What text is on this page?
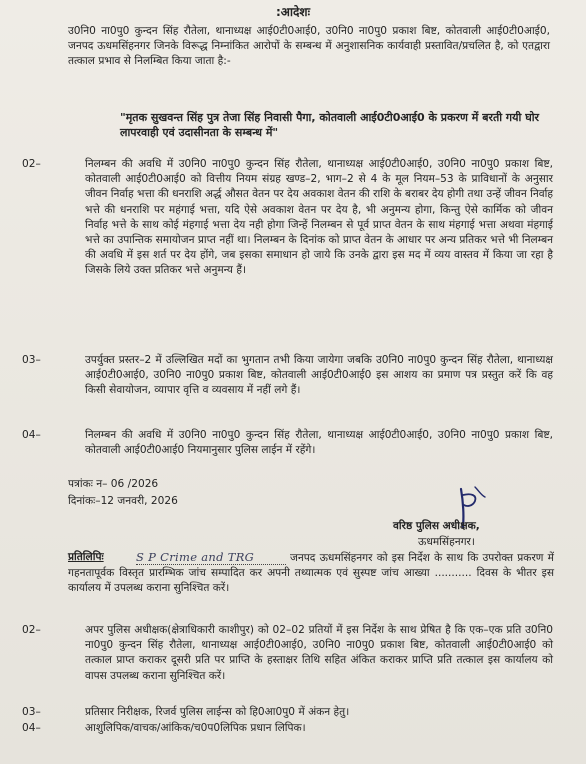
:आदेशः
उ0नि0 ना0पु0 कुन्दन सिंह रौतेला, थानाध्यक्ष आई0टी0आई0, उ0नि0 ना0पु0 प्रकाश बिष्ट, कोतवाली आई0टी0आई0, जनपद ऊधमसिंहनगर जिनके विरूद्ध निम्नांकित आरोपों के सम्बन्ध में अनुशासनिक कार्यवाही प्रस्तावित/प्रचलित है, को एतद्वारा तत्काल प्रभाव से निलम्बित किया जाता है:-
"मृतक सुखवन्त सिंह पुत्र तेजा सिंह निवासी पैगा, कोतवाली आई0टी0आई0 के प्रकरण में बरती गयी घोर लापरवाही एवं उदासीनता के सम्बन्ध में"
02–	निलम्बन की अवधि में उ0नि0 ना0पु0 कुन्दन सिंह रौतेला, थानाध्यक्ष आई0टी0आई0, उ0नि0 ना0पु0 प्रकाश बिष्ट, कोतवाली आई0टी0आई0 को वित्तीय नियम संग्रह खण्ड–2, भाग–2 से 4 के मूल नियम–53 के प्राविधानों के अनुसार जीवन निर्वाह भत्ता की धनराशि अर्द्ध औसत वेतन पर देय अवकाश वेतन की राशि के बराबर देय होगी तथा उन्हें जीवन निर्वाह भत्ते की धनराशि पर महंगाई भत्ता, यदि ऐसे अवकाश वेतन पर देय है, भी अनुमन्य होगा, किन्तु ऐसे कार्मिक को जीवन निर्वाह भत्ते के साथ कोई मंहगाई भत्ता देय नही होगा जिन्हें निलम्बन से पूर्व प्राप्त वेतन के साथ मंहगाई भत्ता अथवा मंहगाई भत्ते का उपान्तिक समायोजन प्राप्त नहीं था। निलम्बन के दिनांक को प्राप्त वेतन के आधार पर अन्य प्रतिकर भत्ते भी निलम्बन की अवधि में इस शर्त पर देय होंगे, जब इसका समाधान हो जाये कि उनके द्वारा इस मद में व्यय वास्तव में किया जा रहा है जिसके लिये उक्त प्रतिकर भत्ते अनुमन्य हैं।
03–	उपर्युक्त प्रस्तर–2 में उल्लिखित मदों का भुगतान तभी किया जायेगा जबकि उ0नि0 ना0पु0 कुन्दन सिंह रौतेला, थानाध्यक्ष आई0टी0आई0, उ0नि0 ना0पु0 प्रकाश बिष्ट, कोतवाली आई0टी0आई0 इस आशय का प्रमाण पत्र प्रस्तुत करें कि वह किसी सेवायोजन, व्यापार वृत्ति व व्यवसाय में नहीं लगे हैं।
04–	निलम्बन की अवधि में उ0नि0 ना0पु0 कुन्दन सिंह रौतेला, थानाध्यक्ष आई0टी0आई0, उ0नि0 ना0पु0 प्रकाश बिष्ट, कोतवाली आई0टी0आई0 नियमानुसार पुलिस लाईन में रहेंगे।
पत्रांकः न– 06 /2026
दिनांकः–12 जनवरी, 2026
वरिष्ठ पुलिस अधीक्षक,
ऊधमसिंहनगर।
प्रतिलिपिः	S P Crime and TRG	जनपद ऊधमसिंहनगर को इस निर्देश के साथ कि उपरोक्त प्रकरण में गहनतापूर्वक विस्तृत प्रारम्भिक जांच सम्पादित कर अपनी तथ्यात्मक एवं सुस्पष्ट जांच आख्या ........... दिवस के भीतर इस कार्यालय में उपलब्ध कराना सुनिश्चित करें।
02–	अपर पुलिस अधीक्षक(क्षेत्राधिकारी काशीपुर) को 02–02 प्रतियों में इस निर्देश के साथ प्रेषित है कि एक–एक प्रति उ0नि0 ना0पु0 कुन्दन सिंह रौतेला, थानाध्यक्ष आई0टी0आई0, उ0नि0 ना0पु0 प्रकाश बिष्ट, कोतवाली आई0टी0आई0 को तत्काल प्राप्त कराकर दूसरी प्रति पर प्राप्ति के हस्ताक्षर तिथि सहित अंकित कराकर प्राप्ति प्रति तत्काल इस कार्यालय को वापस उपलब्ध कराना सुनिश्चित करें।
03–	प्रतिसार निरीक्षक, रिजर्व पुलिस लाईन्स को हि0आ0पु0 में अंकन हेतु।
04–	आशुलिपिक/वाचक/आंकिक/च0प0लिपिक प्रधान लिपिक।
